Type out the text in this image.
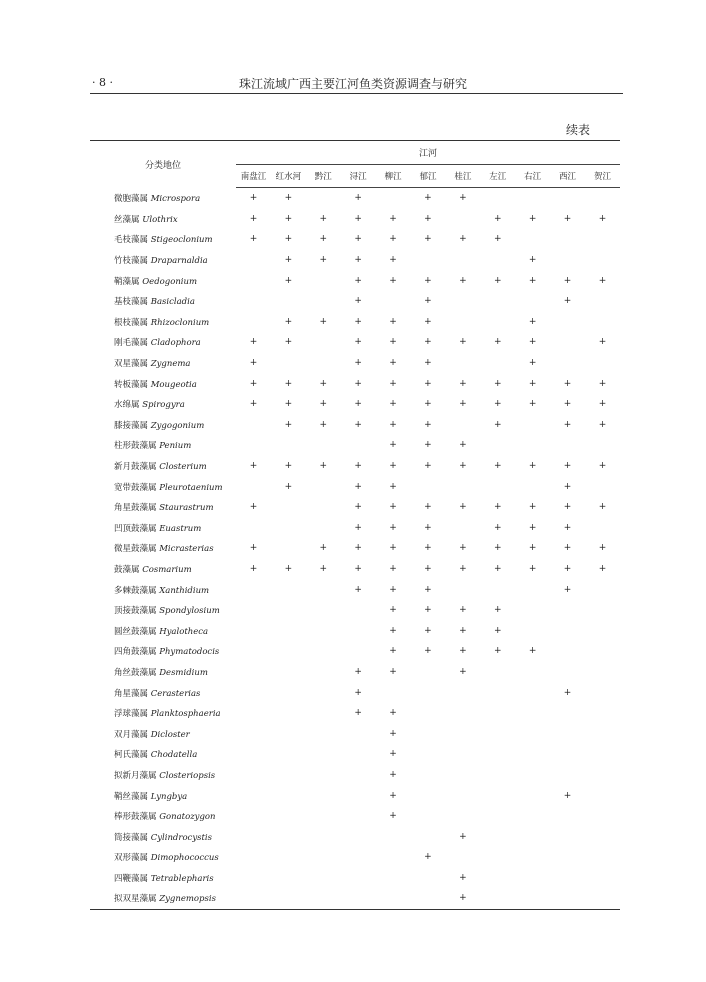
· 8 ·	珠江流域广西主要江河鱼类资源调查与研究
续表

分类地位	江河										
	南盘江	红水河	黔江	浔江	柳江	郁江	桂江	左江	右江	西江	贺江
微胞藻属 Microspora	+	+		+		+	+				
丝藻属 Ulothrix	+	+	+	+	+	+		+	+	+	+
毛枝藻属 Stigeoclonium	+	+	+	+	+	+	+	+			
竹枝藻属 Draparnaldia		+	+	+	+				+		
鞘藻属 Oedogonium		+		+	+	+	+	+	+	+	+
基枝藻属 Basicladia				+		+				+	
根枝藻属 Rhizoclonium		+	+	+	+	+			+		
刚毛藻属 Cladophora	+	+		+	+	+	+	+	+		+
双星藻属 Zygnema	+			+	+	+			+		
转板藻属 Mougeotia	+	+	+	+	+	+	+	+	+	+	+
水绵属 Spirogyra	+	+	+	+	+	+	+	+	+	+	+
膝接藻属 Zygogonium		+	+	+	+	+		+		+	+
柱形鼓藻属 Penium					+	+	+				
新月鼓藻属 Closterium	+	+	+	+	+	+	+	+	+	+	+
宽带鼓藻属 Pleurotaenium		+		+	+					+	
角星鼓藻属 Staurastrum	+			+	+	+	+	+	+	+	+
凹顶鼓藻属 Euastrum				+	+	+		+	+	+	
微星鼓藻属 Micrasterias	+		+	+	+	+	+	+	+	+	+
鼓藻属 Cosmarium	+	+	+	+	+	+	+	+	+	+	+
多棘鼓藻属 Xanthidium				+	+	+				+	
顶接鼓藻属 Spondylosium					+	+	+	+			
圆丝鼓藻属 Hyalotheca					+	+	+	+			
四角鼓藻属 Phymatodocis					+	+	+	+	+		
角丝鼓藻属 Desmidium				+	+		+				
角星藻属 Cerasterias				+						+	
浮球藻属 Planktosphaeria				+	+						
双月藻属 Dicloster					+						
柯氏藻属 Chodatella					+						
拟新月藻属 Closteriopsis					+						
鞘丝藻属 Lyngbya					+					+	
棒形鼓藻属 Gonatozygon					+						
筒接藻属 Cylindrocystis							+				
双形藻属 Dimophococcus						+					
四鞭藻属 Tetrablepharis							+				
拟双星藻属 Zygnemopsis							+				
